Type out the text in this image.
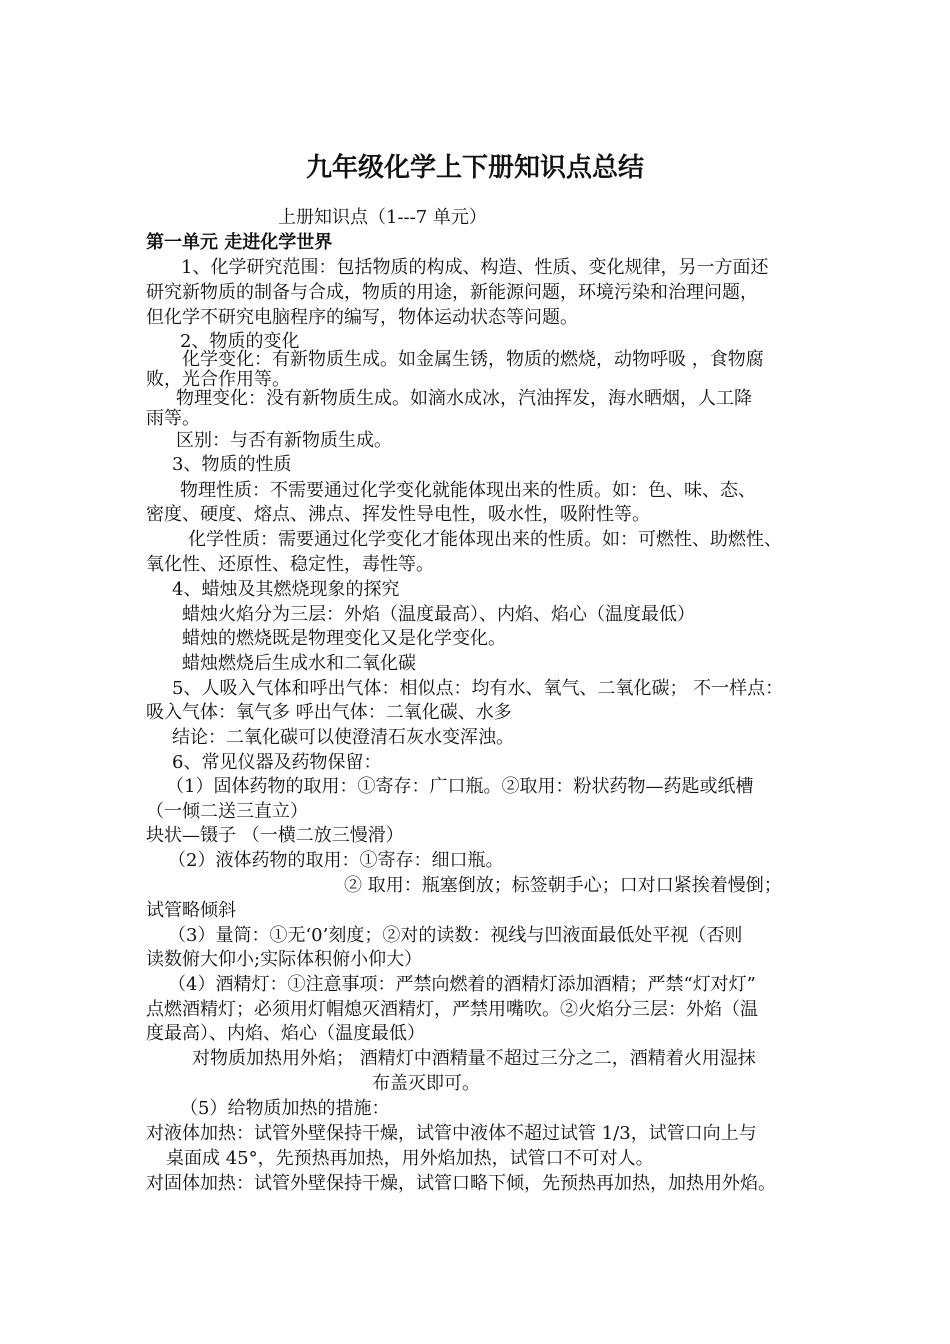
九年级化学上下册知识点总结
上册知识点（1---7 单元）
第一单元 走进化学世界
1、化学研究范围：包括物质的构成、构造、性质、变化规律，另一方面还
研究新物质的制备与合成，物质的用途，新能源问题，环境污染和治理问题，
但化学不研究电脑程序的编写，物体运动状态等问题。
2、物质的变化
化学变化：有新物质生成。如金属生锈，物质的燃烧，动物呼吸 ，食物腐
败，光合作用等。
物理变化：没有新物质生成。如滴水成冰，汽油挥发，海水晒烟，人工降
雨等。
区别：与否有新物质生成。
3、物质的性质
物理性质：不需要通过化学变化就能体现出来的性质。如：色、味、态、
密度、硬度、熔点、沸点、挥发性导电性，吸水性，吸附性等。
化学性质：需要通过化学变化才能体现出来的性质。如：可燃性、助燃性、
氧化性、还原性、稳定性，毒性等。
4、蜡烛及其燃烧现象的探究
蜡烛火焰分为三层：外焰（温度最高）、内焰、焰心（温度最低）
蜡烛的燃烧既是物理变化又是化学变化。
蜡烛燃烧后生成水和二氧化碳
5、人吸入气体和呼出气体：相似点：均有水、氧气、二氧化碳； 不一样点：
吸入气体：氧气多 呼出气体：二氧化碳、水多
结论：二氧化碳可以使澄清石灰水变浑浊。
6、常见仪器及药物保留：
（1）固体药物的取用：①寄存：广口瓶。②取用：粉状药物—药匙或纸槽
（一倾二送三直立）
块状—镊子 （一横二放三慢滑）
（2）液体药物的取用：①寄存：细口瓶。
② 取用：瓶塞倒放；标签朝手心；口对口紧挨着慢倒；
试管略倾斜
（3）量筒：①无‘0’刻度；②对的读数：视线与凹液面最低处平视（否则
读数俯大仰小;实际体积俯小仰大）
（4）酒精灯：①注意事项：严禁向燃着的酒精灯添加酒精；严禁“灯对灯”
点燃酒精灯；必须用灯帽熄灭酒精灯，严禁用嘴吹。②火焰分三层：外焰（温
度最高）、内焰、焰心（温度最低）
对物质加热用外焰； 酒精灯中酒精量不超过三分之二，酒精着火用湿抹
布盖灭即可。
（5）给物质加热的措施：
对液体加热：试管外壁保持干燥，试管中液体不超过试管 1/3，试管口向上与
桌面成 45°，先预热再加热，用外焰加热，试管口不可对人。
对固体加热：试管外壁保持干燥，试管口略下倾，先预热再加热，加热用外焰。
